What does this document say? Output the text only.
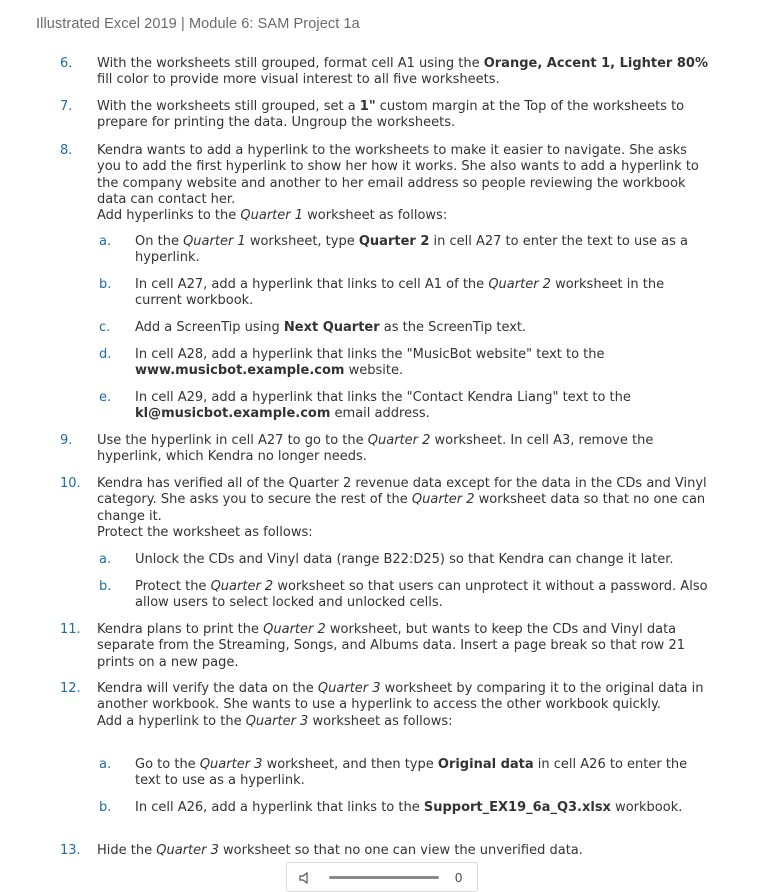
Illustrated Excel 2019 | Module 6: SAM Project 1a
6. With the worksheets still grouped, format cell A1 using the Orange, Accent 1, Lighter 80% fill color to provide more visual interest to all five worksheets.
7. With the worksheets still grouped, set a 1" custom margin at the Top of the worksheets to prepare for printing the data. Ungroup the worksheets.
8. Kendra wants to add a hyperlink to the worksheets to make it easier to navigate. She asks you to add the first hyperlink to show her how it works. She also wants to add a hyperlink to the company website and another to her email address so people reviewing the workbook data can contact her.
Add hyperlinks to the Quarter 1 worksheet as follows:
a. On the Quarter 1 worksheet, type Quarter 2 in cell A27 to enter the text to use as a hyperlink.
b. In cell A27, add a hyperlink that links to cell A1 of the Quarter 2 worksheet in the current workbook.
c. Add a ScreenTip using Next Quarter as the ScreenTip text.
d. In cell A28, add a hyperlink that links the "MusicBot website" text to the www.musicbot.example.com website.
e. In cell A29, add a hyperlink that links the "Contact Kendra Liang" text to the kl@musicbot.example.com email address.
9. Use the hyperlink in cell A27 to go to the Quarter 2 worksheet. In cell A3, remove the hyperlink, which Kendra no longer needs.
10. Kendra has verified all of the Quarter 2 revenue data except for the data in the CDs and Vinyl category. She asks you to secure the rest of the Quarter 2 worksheet data so that no one can change it.
Protect the worksheet as follows:
a. Unlock the CDs and Vinyl data (range B22:D25) so that Kendra can change it later.
b. Protect the Quarter 2 worksheet so that users can unprotect it without a password. Also allow users to select locked and unlocked cells.
11. Kendra plans to print the Quarter 2 worksheet, but wants to keep the CDs and Vinyl data separate from the Streaming, Songs, and Albums data. Insert a page break so that row 21 prints on a new page.
12. Kendra will verify the data on the Quarter 3 worksheet by comparing it to the original data in another workbook. She wants to use a hyperlink to access the other workbook quickly.
Add a hyperlink to the Quarter 3 worksheet as follows:
a. Go to the Quarter 3 worksheet, and then type Original data in cell A26 to enter the text to use as a hyperlink.
b. In cell A26, add a hyperlink that links to the Support_EX19_6a_Q3.xlsx workbook.
13. Hide the Quarter 3 worksheet so that no one can view the unverified data.
0
